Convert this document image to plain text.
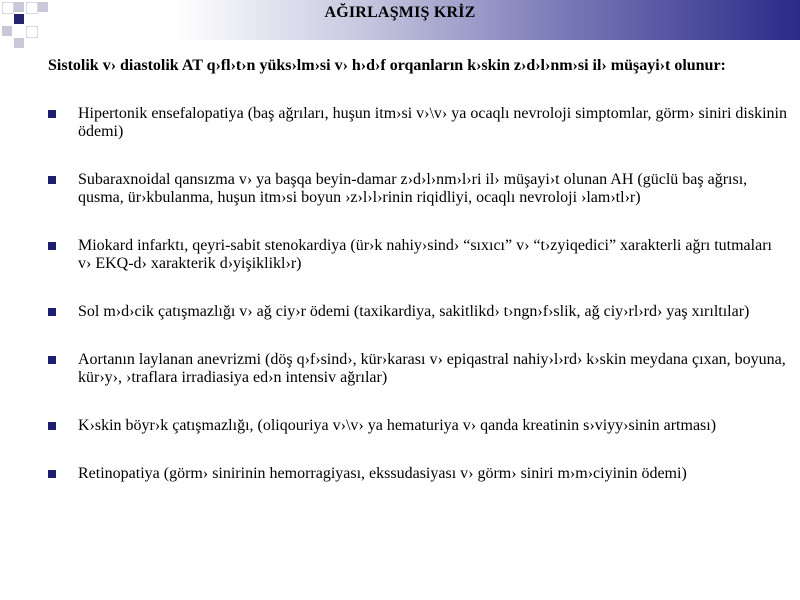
AĞIRLAŞMIŞ KRİZ

Sistolik v› diastolik AT q›fl›t›n yüks›lm›si v› h›d›f orqanların k›skin z›d›l›nm›si il› müşayi›t olunur:

Hipertonik ensefalopatiya (baş ağrıları, huşun itm›si v›\v› ya ocaqlı nevroloji simptomlar, görm› siniri diskinin ödemi)
Subaraxnoidal qansızma v› ya başqa beyin-damar z›d›l›nm›l›ri il› müşayi›t olunan AH (güclü baş ağrısı, qusma, ür›kbulanma, huşun itm›si boyun ›z›l›l›rinin riqidliyi, ocaqlı nevroloji ›lam›tl›r)
Miokard infarktı, qeyri-sabit stenokardiya (ür›k nahiy›sind› “sıxıcı” v› “t›zyiqedici” xarakterli ağrı tutmaları v› EKQ-d› xarakterik d›yişiklikl›r)
Sol m›d›cik çatışmazlığı v› ağ ciy›r ödemi (taxikardiya, sakitlikd› t›ngn›f›slik, ağ ciy›rl›rd› yaş xırıltılar)
Aortanın laylanan anevrizmi (döş q›f›sind›, kür›karası v› epiqastral nahiy›l›rd› k›skin meydana çıxan, boyuna, kür›y›, ›traflara irradiasiya ed›n intensiv ağrılar)
K›skin böyr›k çatışmazlığı, (oliqouriya v›\v› ya hematuriya v› qanda kreatinin s›viyy›sinin artması)
Retinopatiya (görm› sinirinin hemorragiyası, ekssudasiyası v› görm› siniri m›m›ciyinin ödemi)
